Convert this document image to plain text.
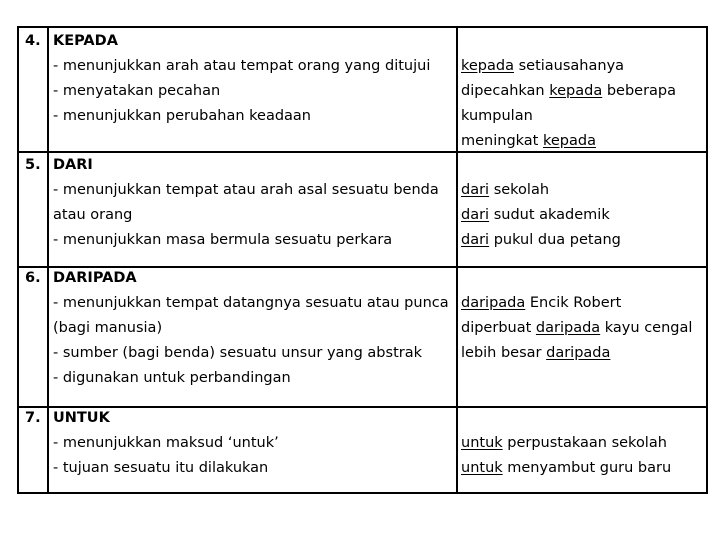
4. KEPADA
- menunjukkan arah atau tempat orang yang ditujui
- menyatakan pecahan
- menunjukkan perubahan keadaan
kepada setiausahanya
dipecahkan kepada beberapa
kumpulan
meningkat kepada
5. DARI
- menunjukkan tempat atau arah asal sesuatu benda
atau orang
- menunjukkan masa bermula sesuatu perkara
dari sekolah
dari sudut akademik
dari pukul dua petang
6. DARIPADA
- menunjukkan tempat datangnya sesuatu atau punca
(bagi manusia)
- sumber (bagi benda) sesuatu unsur yang abstrak
- digunakan untuk perbandingan
daripada Encik Robert
diperbuat daripada kayu cengal
lebih besar daripada
7. UNTUK
- menunjukkan maksud ‘untuk’
- tujuan sesuatu itu dilakukan
untuk perpustakaan sekolah
untuk menyambut guru baru
